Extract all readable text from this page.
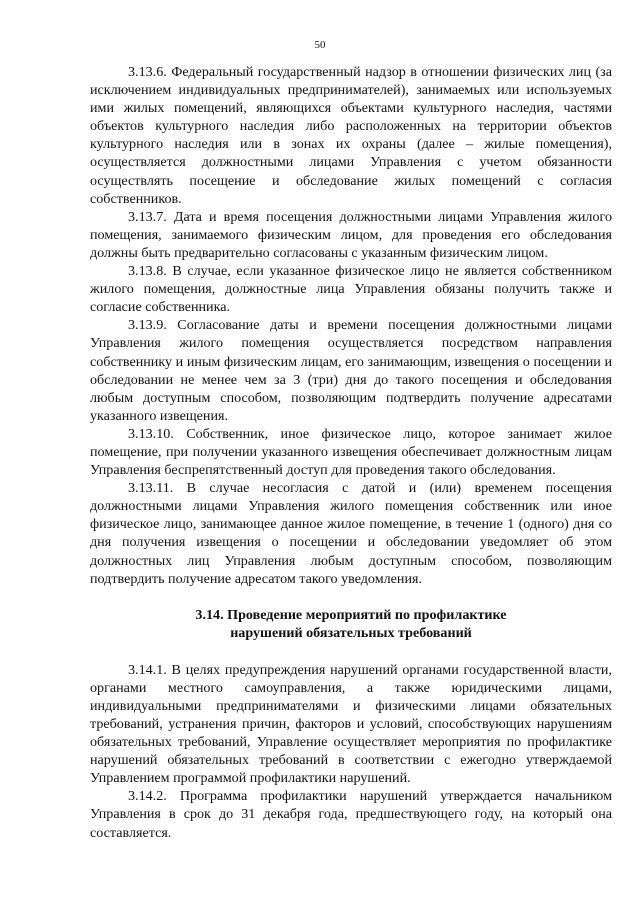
50

3.13.6. Федеральный государственный надзор в отношении физических лиц (за исключением индивидуальных предпринимателей), занимаемых или используемых ими жилых помещений, являющихся объектами культурного наследия, частями объектов культурного наследия либо расположенных на территории объектов культурного наследия или в зонах их охраны (далее – жилые помещения), осуществляется должностными лицами Управления с учетом обязанности осуществлять посещение и обследование жилых помещений с согласия собственников.

3.13.7. Дата и время посещения должностными лицами Управления жилого помещения, занимаемого физическим лицом, для проведения его обследования должны быть предварительно согласованы с указанным физическим лицом.

3.13.8. В случае, если указанное физическое лицо не является собственником жилого помещения, должностные лица Управления обязаны получить также и согласие собственника.

3.13.9. Согласование даты и времени посещения должностными лицами Управления жилого помещения осуществляется посредством направления собственнику и иным физическим лицам, его занимающим, извещения о посещении и обследовании не менее чем за 3 (три) дня до такого посещения и обследования любым доступным способом, позволяющим подтвердить получение адресатами указанного извещения.

3.13.10. Собственник, иное физическое лицо, которое занимает жилое помещение, при получении указанного извещения обеспечивает должностным лицам Управления беспрепятственный доступ для проведения такого обследования.

3.13.11. В случае несогласия с датой и (или) временем посещения должностными лицами Управления жилого помещения собственник или иное физическое лицо, занимающее данное жилое помещение, в течение 1 (одного) дня со дня получения извещения о посещении и обследовании уведомляет об этом должностных лиц Управления любым доступным способом, позволяющим подтвердить получение адресатом такого уведомления.

3.14. Проведение мероприятий по профилактике
нарушений обязательных требований

3.14.1. В целях предупреждения нарушений органами государственной власти, органами местного самоуправления, а также юридическими лицами, индивидуальными предпринимателями и физическими лицами обязательных требований, устранения причин, факторов и условий, способствующих нарушениям обязательных требований, Управление осуществляет мероприятия по профилактике нарушений обязательных требований в соответствии с ежегодно утверждаемой Управлением программой профилактики нарушений.

3.14.2. Программа профилактики нарушений утверждается начальником Управления в срок до 31 декабря года, предшествующего году, на который она составляется.
